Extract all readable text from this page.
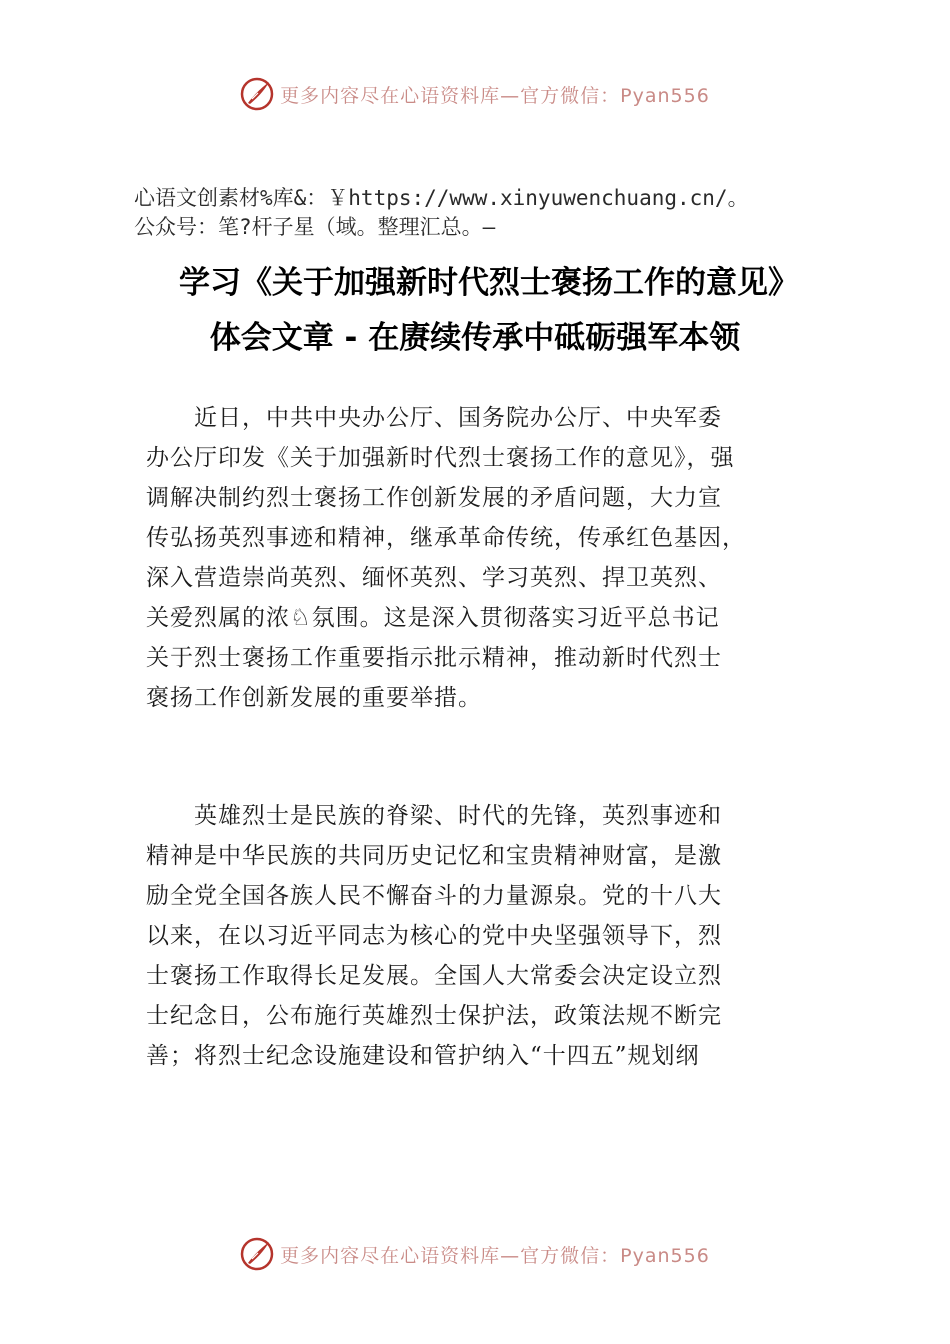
更多内容尽在心语资料库—官方微信：Pyan556
心语文创素材%库&：￥https://www.xinyuwenchuang.cn/。
公众号：笔?杆子星（域。整理汇总。—
学习《关于加强新时代烈士褒扬工作的意见》
体会文章 - 在赓续传承中砥砺强军本领
　　近日，中共中央办公厅、国务院办公厅、中央军委
办公厅印发《关于加强新时代烈士褒扬工作的意见》，强
调解决制约烈士褒扬工作创新发展的矛盾问题，大力宣
传弘扬英烈事迹和精神，继承革命传统，传承红色基因，
深入营造崇尚英烈、缅怀英烈、学习英烈、捍卫英烈、
关爱烈属的浓♘氛围。这是深入贯彻落实习近平总书记
关于烈士褒扬工作重要指示批示精神，推动新时代烈士
褒扬工作创新发展的重要举措。
　　英雄烈士是民族的脊梁、时代的先锋，英烈事迹和
精神是中华民族的共同历史记忆和宝贵精神财富，是激
励全党全国各族人民不懈奋斗的力量源泉。党的十八大
以来，在以习近平同志为核心的党中央坚强领导下，烈
士褒扬工作取得长足发展。全国人大常委会决定设立烈
士纪念日，公布施行英雄烈士保护法，政策法规不断完
善；将烈士纪念设施建设和管护纳入“十四五”规划纲
更多内容尽在心语资料库—官方微信：Pyan556
